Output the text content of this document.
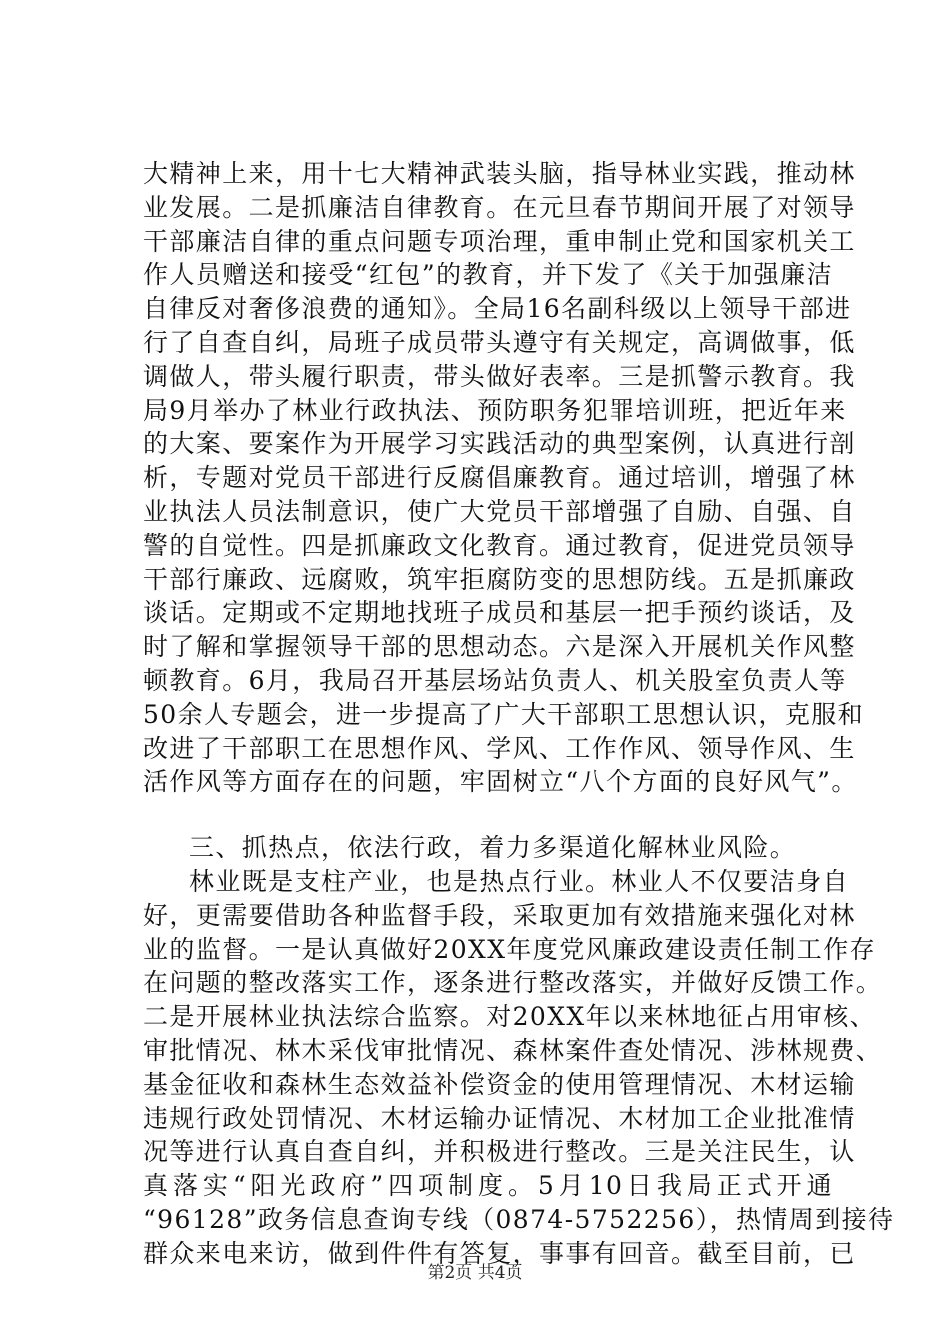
大精神上来，用十七大精神武装头脑，指导林业实践，推动林
业发展。二是抓廉洁自律教育。在元旦春节期间开展了对领导
干部廉洁自律的重点问题专项治理，重申制止党和国家机关工
作人员赠送和接受“红包”的教育，并下发了《关于加强廉洁
自律反对奢侈浪费的通知》。全局16名副科级以上领导干部进
行了自查自纠，局班子成员带头遵守有关规定，高调做事，低
调做人，带头履行职责，带头做好表率。三是抓警示教育。我
局9月举办了林业行政执法、预防职务犯罪培训班，把近年来
的大案、要案作为开展学习实践活动的典型案例，认真进行剖
析，专题对党员干部进行反腐倡廉教育。通过培训，增强了林
业执法人员法制意识，使广大党员干部增强了自励、自强、自
警的自觉性。四是抓廉政文化教育。通过教育，促进党员领导
干部行廉政、远腐败，筑牢拒腐防变的思想防线。五是抓廉政
谈话。定期或不定期地找班子成员和基层一把手预约谈话，及
时了解和掌握领导干部的思想动态。六是深入开展机关作风整
顿教育。6月，我局召开基层场站负责人、机关股室负责人等
50余人专题会，进一步提高了广大干部职工思想认识，克服和
改进了干部职工在思想作风、学风、工作作风、领导作风、生
活作风等方面存在的问题，牢固树立“八个方面的良好风气”。
三、抓热点，依法行政，着力多渠道化解林业风险。
林业既是支柱产业，也是热点行业。林业人不仅要洁身自
好，更需要借助各种监督手段，采取更加有效措施来强化对林
业的监督。一是认真做好20XX年度党风廉政建设责任制工作存
在问题的整改落实工作，逐条进行整改落实，并做好反馈工作。
二是开展林业执法综合监察。对20XX年以来林地征占用审核、
审批情况、林木采伐审批情况、森林案件查处情况、涉林规费、
基金征收和森林生态效益补偿资金的使用管理情况、木材运输
违规行政处罚情况、木材运输办证情况、木材加工企业批准情
况等进行认真自查自纠，并积极进行整改。三是关注民生，认
真落实“阳光政府”四项制度。5月10日我局正式开通
“96128”政务信息查询专线（0874-5752256），热情周到接待
群众来电来访，做到件件有答复，事事有回音。截至目前，已
第2页 共4页
